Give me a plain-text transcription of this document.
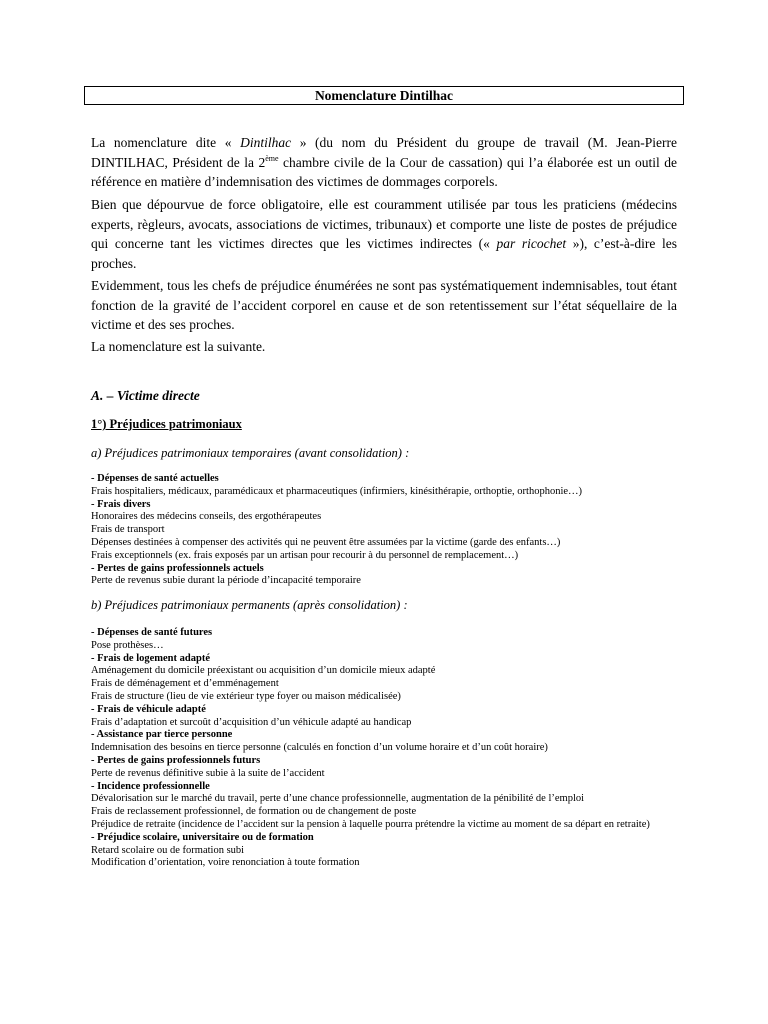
Nomenclature Dintilhac

La nomenclature dite « Dintilhac » (du nom du Président du groupe de travail (M. Jean-Pierre DINTILHAC, Président de la 2ème chambre civile de la Cour de cassation) qui l’a élaborée est un outil de référence en matière d’indemnisation des victimes de dommages corporels.

Bien que dépourvue de force obligatoire, elle est couramment utilisée par tous les praticiens (médecins experts, règleurs, avocats, associations de victimes, tribunaux) et comporte une liste de postes de préjudice qui concerne tant les victimes directes que les victimes indirectes (« par ricochet »), c’est-à-dire les proches.

Evidemment, tous les chefs de préjudice énumérées ne sont pas systématiquement indemnisables, tout étant fonction de la gravité de l’accident corporel en cause et de son retentissement sur l’état séquellaire de la victime et des ses proches.

La nomenclature est la suivante.

A. – Victime directe
1°) Préjudices patrimoniaux
a) Préjudices patrimoniaux temporaires (avant consolidation) :
- Dépenses de santé actuelles
Frais hospitaliers, médicaux, paramédicaux et pharmaceutiques (infirmiers, kinésithérapie, orthoptie, orthophonie…)
- Frais divers
Honoraires des médecins conseils, des ergothérapeutes
Frais de transport
Dépenses destinées à compenser des activités qui ne peuvent être assumées par la victime (garde des enfants…)
Frais exceptionnels (ex. frais exposés par un artisan pour recourir à du personnel de remplacement…)
- Pertes de gains professionnels actuels
Perte de revenus subie durant la période d’incapacité temporaire
b) Préjudices patrimoniaux permanents (après consolidation) :
- Dépenses de santé futures
Pose prothèses…
- Frais de logement adapté
Aménagement du domicile préexistant ou acquisition d’un domicile mieux adapté
Frais de déménagement et d’emménagement
Frais de structure (lieu de vie extérieur type foyer ou maison médicalisée)
- Frais de véhicule adapté
Frais d’adaptation et surcoût d’acquisition d’un véhicule adapté au handicap
- Assistance par tierce personne
Indemnisation des besoins en tierce personne (calculés en fonction d’un volume horaire et d’un coût horaire)
- Pertes de gains professionnels futurs
Perte de revenus définitive subie à la suite de l’accident
- Incidence professionnelle
Dévalorisation sur le marché du travail, perte d’une chance professionnelle, augmentation de la pénibilité de l’emploi
Frais de reclassement professionnel, de formation ou de changement de poste
Préjudice de retraite (incidence de l’accident sur la pension à laquelle pourra prétendre la victime au moment de sa départ en retraite)
- Préjudice scolaire, universitaire ou de formation
Retard scolaire ou de formation subi
Modification d’orientation, voire renonciation à toute formation
